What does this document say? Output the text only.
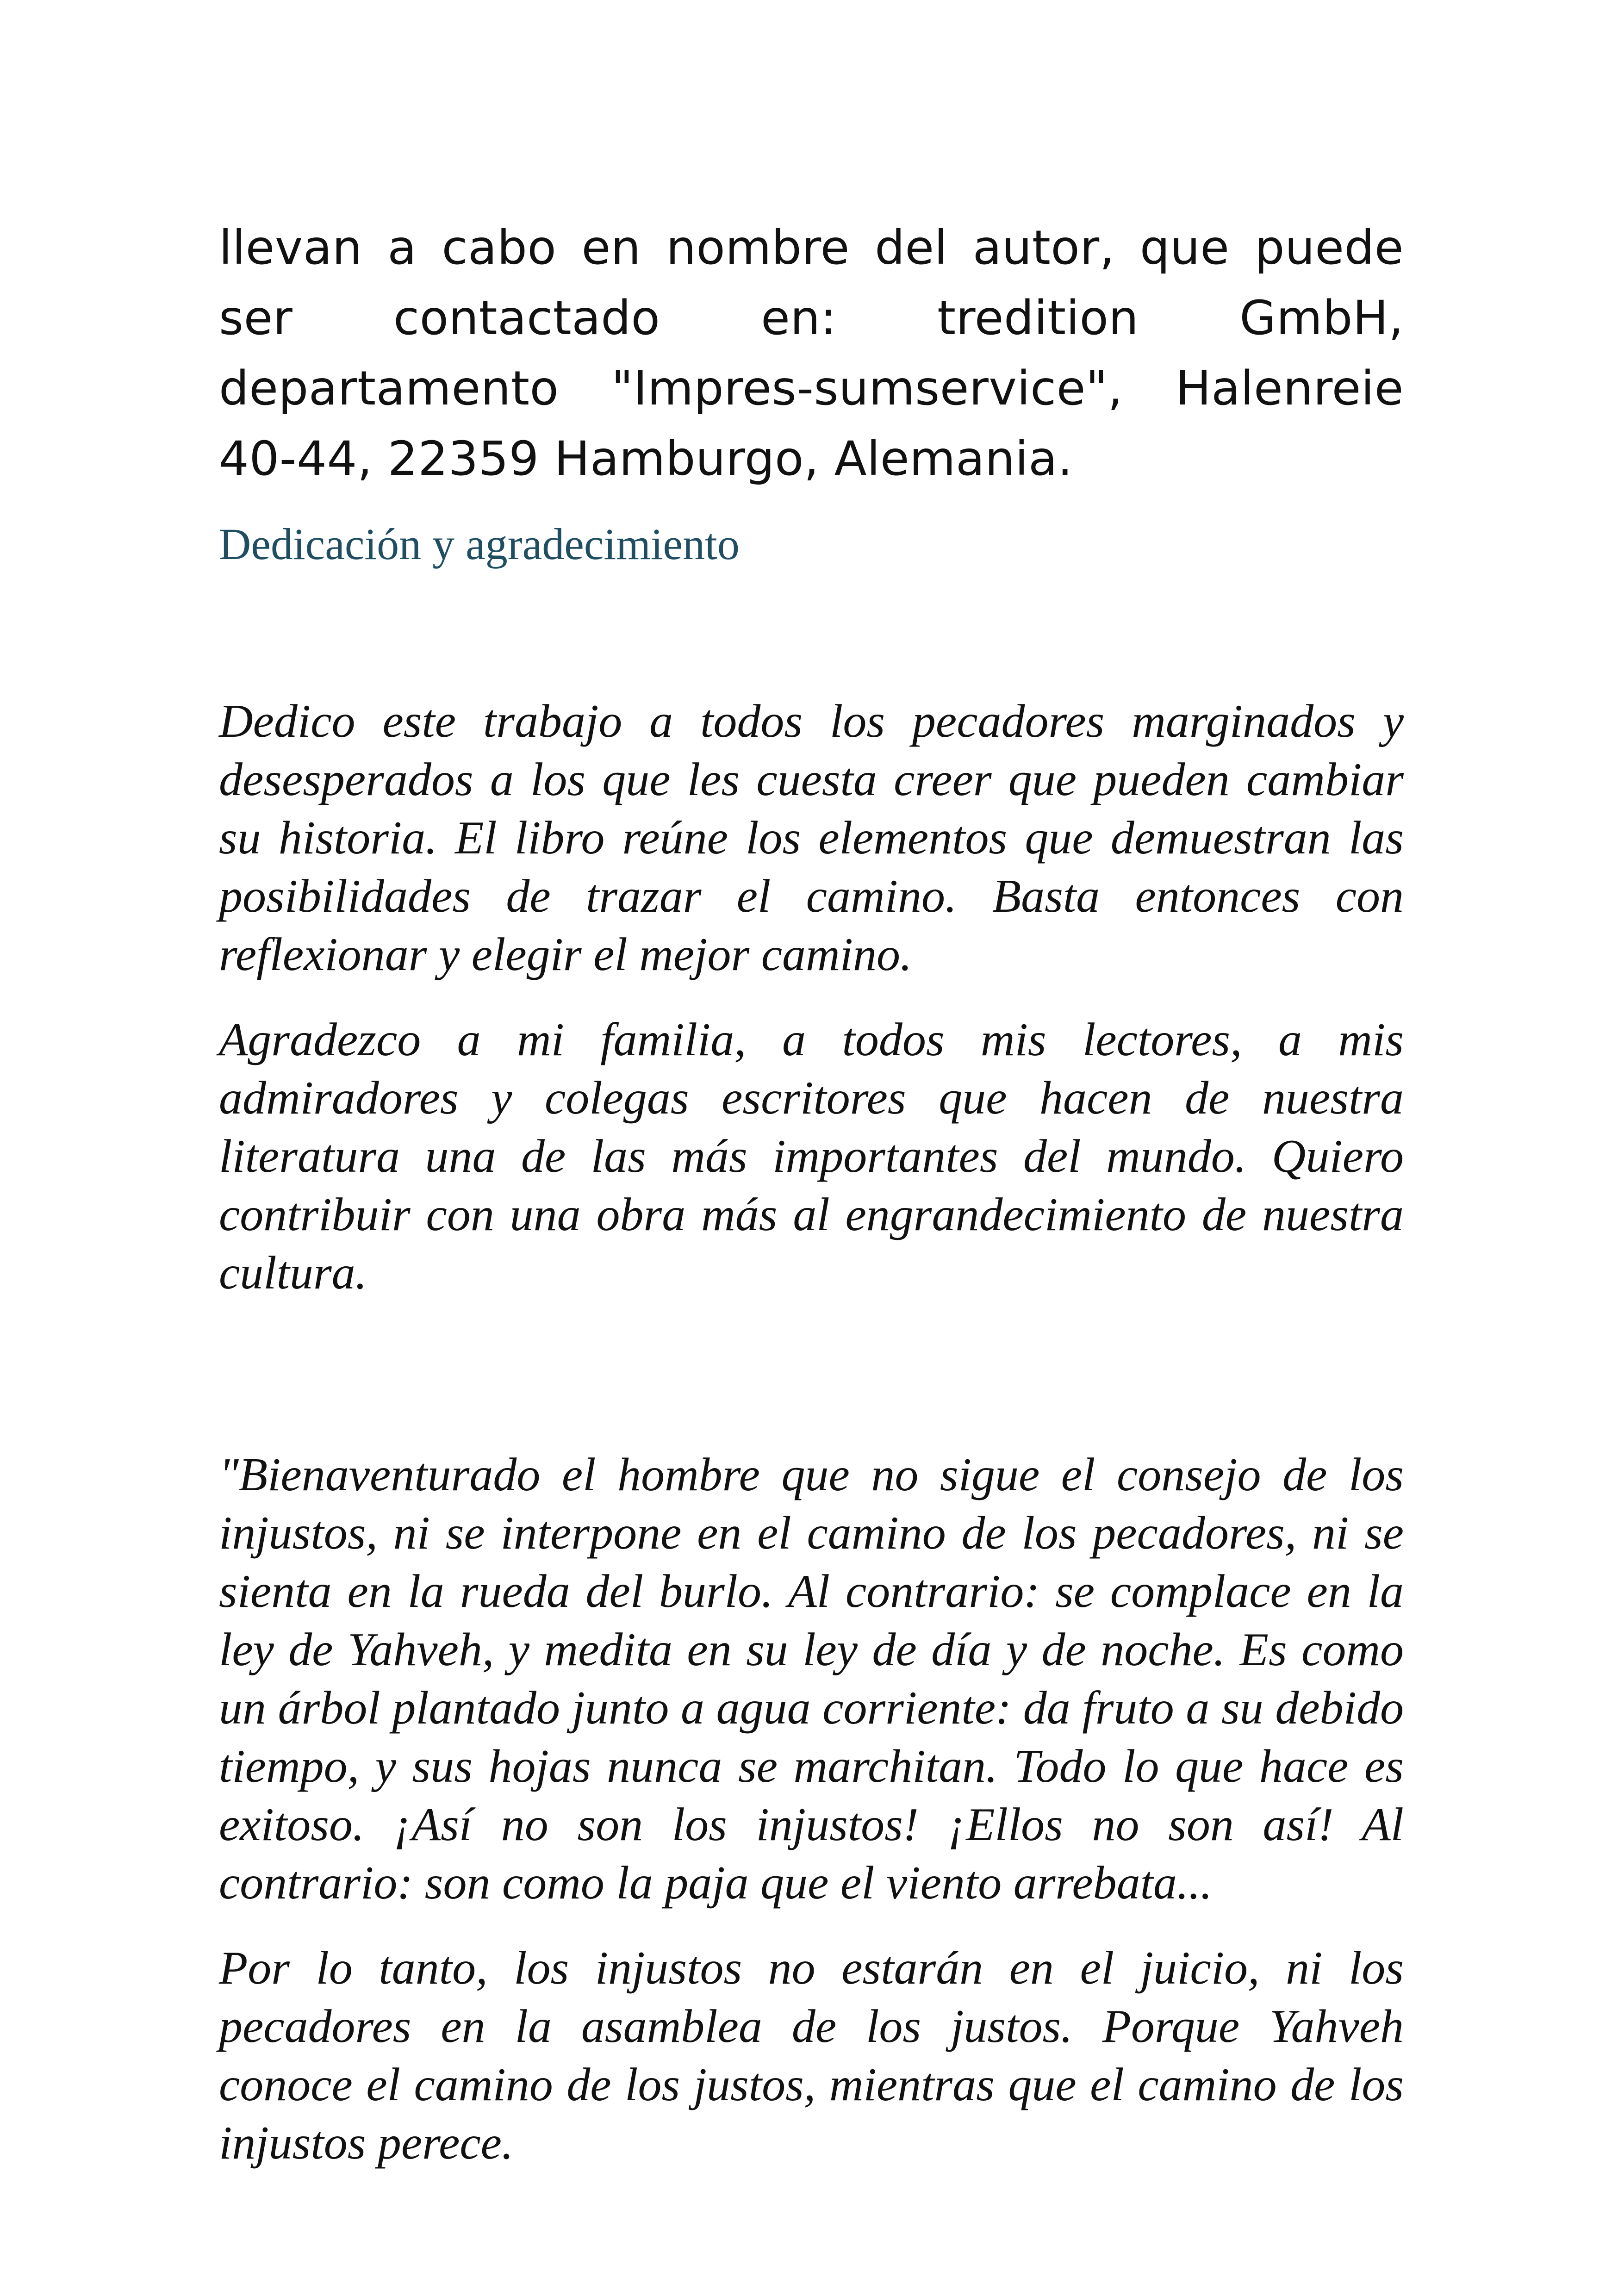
llevan a cabo en nombre del autor, que puede ser contactado en: tredition GmbH, departamento "Impres-sumservice", Halenreie 40-44, 22359 Hamburgo, Alemania.

Dedicación y agradecimiento

Dedico este trabajo a todos los pecadores marginados y desesperados a los que les cuesta creer que pueden cambiar su historia. El libro reúne los elementos que demuestran las posibilidades de trazar el camino. Basta entonces con reflexionar y elegir el mejor camino.

Agradezco a mi familia, a todos mis lectores, a mis admiradores y colegas escritores que hacen de nuestra literatura una de las más importantes del mundo. Quiero contribuir con una obra más al engrandecimiento de nuestra cultura.

"Bienaventurado el hombre que no sigue el consejo de los injustos, ni se interpone en el camino de los pecadores, ni se sienta en la rueda del burlo. Al contrario: se complace en la ley de Yahveh, y medita en su ley de día y de noche. Es como un árbol plantado junto a agua corriente: da fruto a su debido tiempo, y sus hojas nunca se marchitan. Todo lo que hace es exitoso. ¡Así no son los injustos! ¡Ellos no son así! Al contrario: son como la paja que el viento arrebata...

Por lo tanto, los injustos no estarán en el juicio, ni los pecadores en la asamblea de los justos. Porque Yahveh conoce el camino de los justos, mientras que el camino de los injustos perece.
